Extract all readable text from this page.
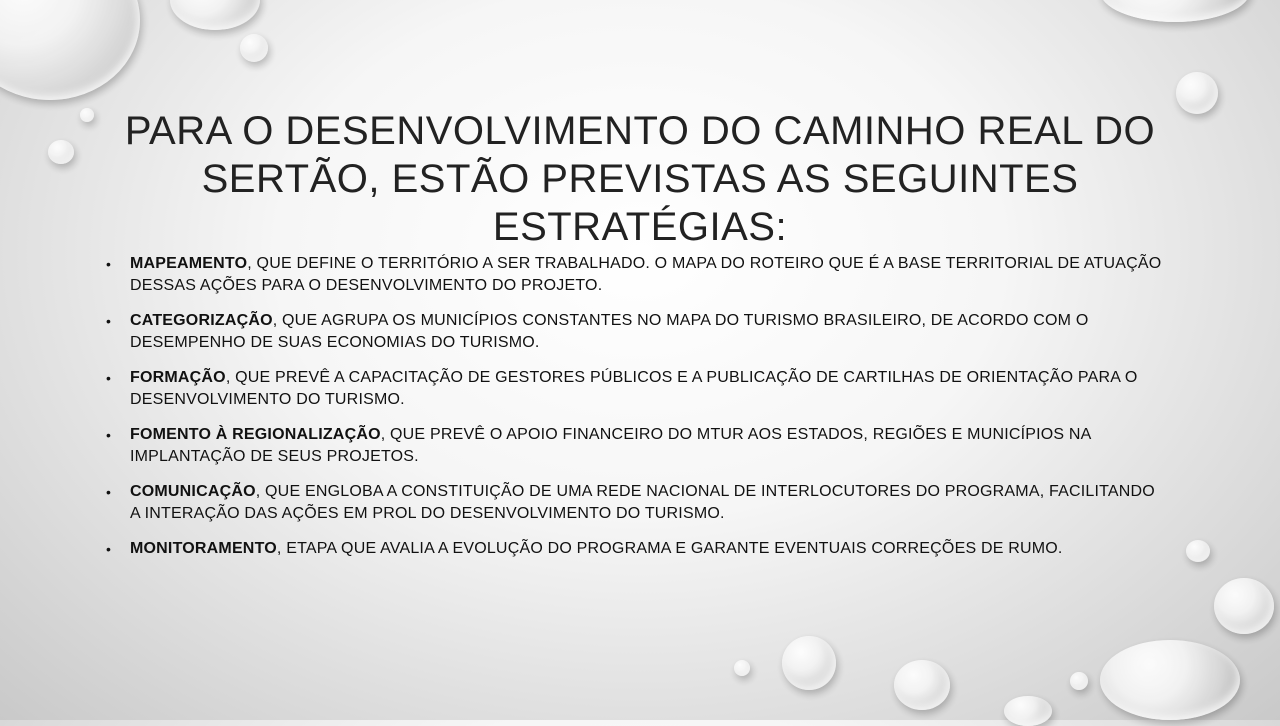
PARA O DESENVOLVIMENTO DO CAMINHO REAL DO
SERTÃO, ESTÃO PREVISTAS AS SEGUINTES ESTRATÉGIAS:
• MAPEAMENTO, QUE DEFINE O TERRITÓRIO A SER TRABALHADO. O MAPA DO ROTEIRO QUE É A BASE TERRITORIAL DE ATUAÇÃO DESSAS AÇÕES PARA O DESENVOLVIMENTO DO PROJETO.
• CATEGORIZAÇÃO, QUE AGRUPA OS MUNICÍPIOS CONSTANTES NO MAPA DO TURISMO BRASILEIRO, DE ACORDO COM O DESEMPENHO DE SUAS ECONOMIAS DO TURISMO.
• FORMAÇÃO, QUE PREVÊ A CAPACITAÇÃO DE GESTORES PÚBLICOS E A PUBLICAÇÃO DE CARTILHAS DE ORIENTAÇÃO PARA O DESENVOLVIMENTO DO TURISMO.
• FOMENTO À REGIONALIZAÇÃO, QUE PREVÊ O APOIO FINANCEIRO DO MTUR AOS ESTADOS, REGIÕES E MUNICÍPIOS NA IMPLANTAÇÃO DE SEUS PROJETOS.
• COMUNICAÇÃO, QUE ENGLOBA A CONSTITUIÇÃO DE UMA REDE NACIONAL DE INTERLOCUTORES DO PROGRAMA, FACILITANDO A INTERAÇÃO DAS AÇÕES EM PROL DO DESENVOLVIMENTO DO TURISMO.
• MONITORAMENTO, ETAPA QUE AVALIA A EVOLUÇÃO DO PROGRAMA E GARANTE EVENTUAIS CORREÇÕES DE RUMO.
